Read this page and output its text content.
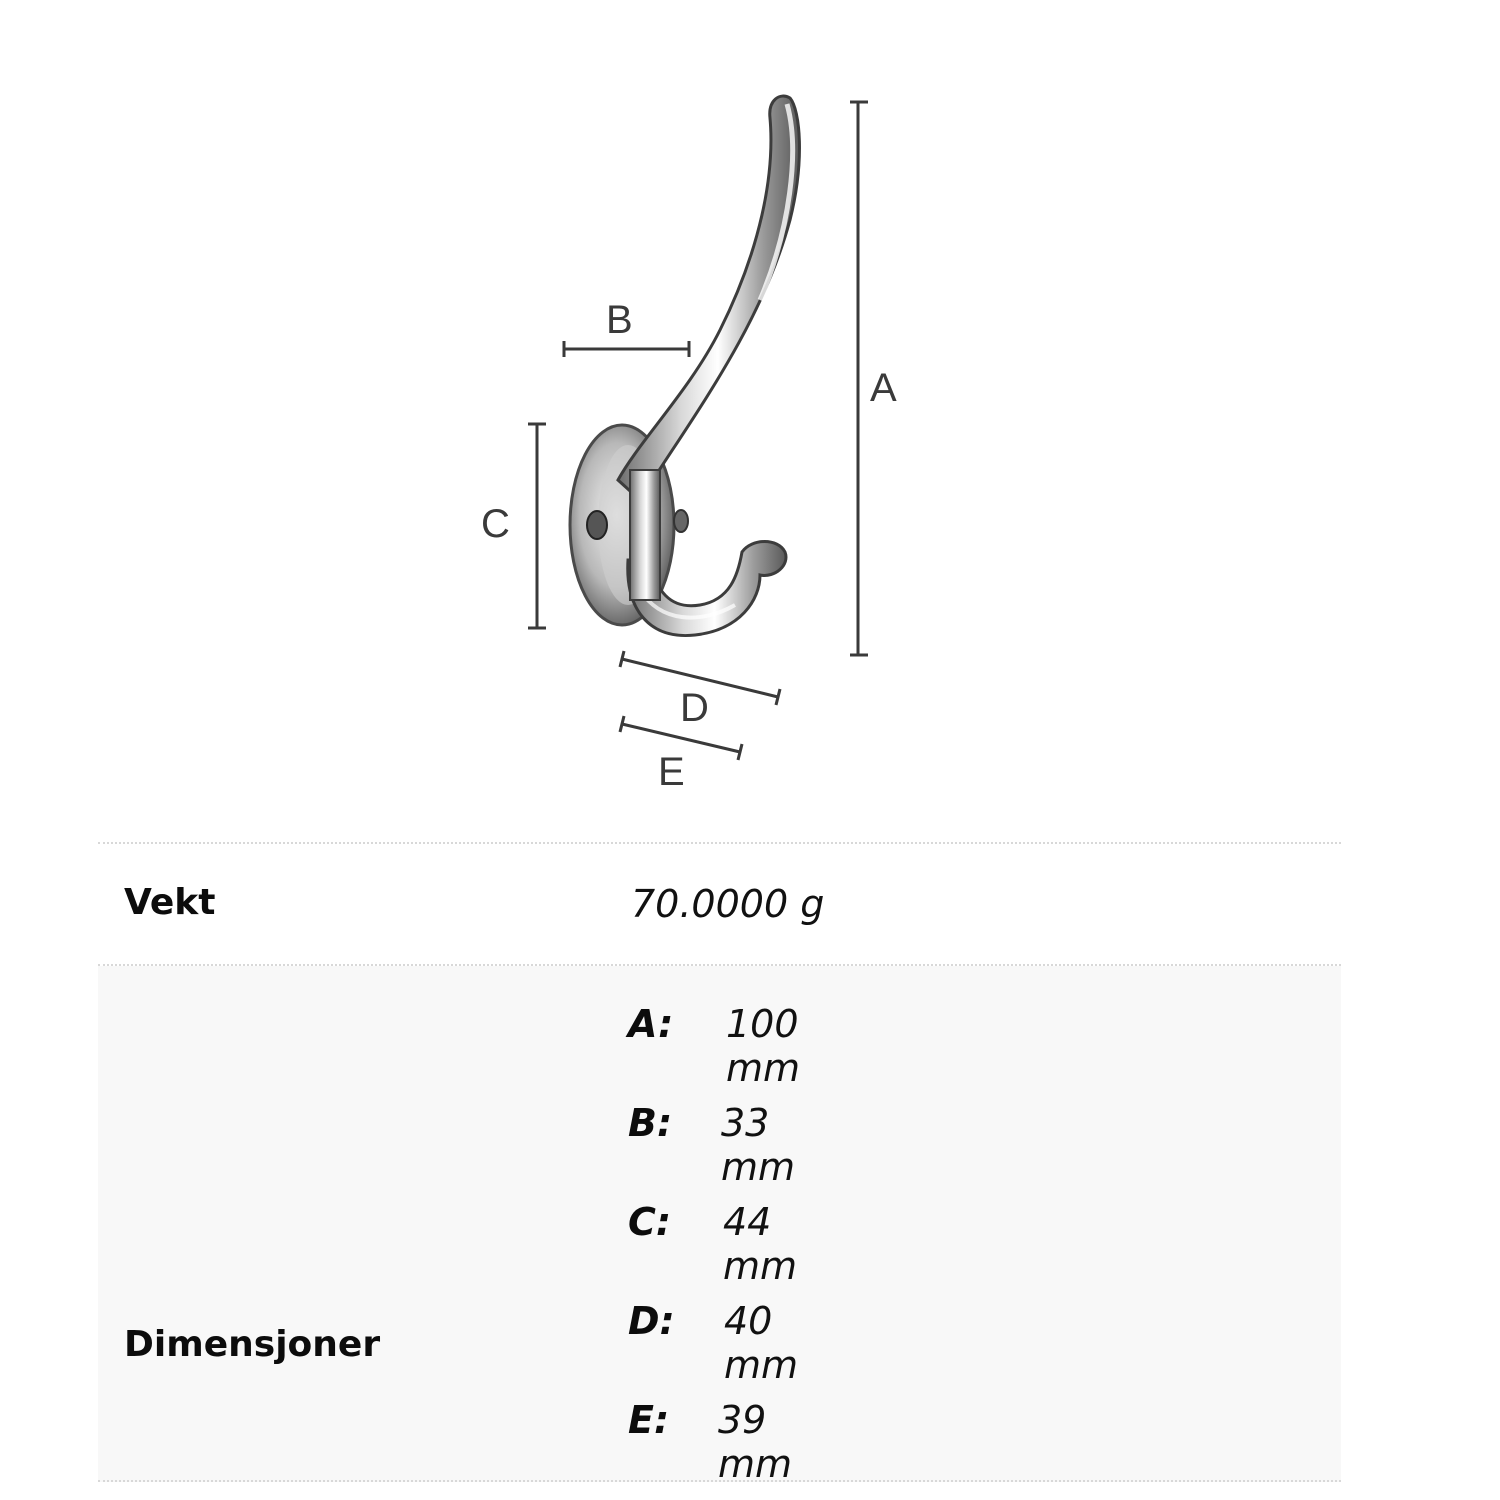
A
B
C
D
E
Vekt	70.0000 g
Dimensjoner
A: 100 mm
B: 33 mm
C: 44 mm
D: 40 mm
E: 39 mm
